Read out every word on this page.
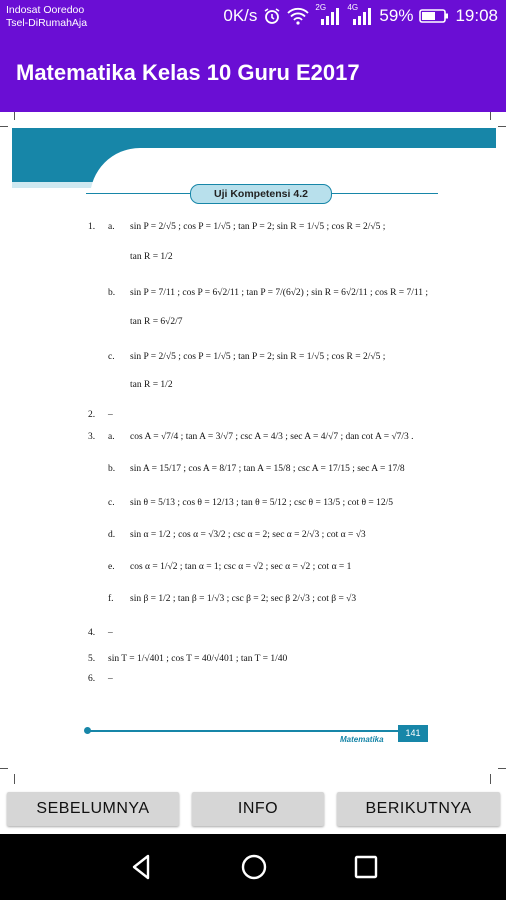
Indosat Ooredoo
Tsel-DiRumahAja	0K/s	2G	4G 59% 19:08
Matematika Kelas 10 Guru E2017
Uji Kompetensi 4.2
1. a. sin P = 2/√5 ; cos P = 1/√5 ; tan P = 2; sin R = 1/√5 ; cos R = 2/√5 ;
tan R = 1/2
b. sin P = 7/11 ; cos P = 6√2/11 ; tan P = 7/(6√2) ; sin R = 6√2/11 ; cos R = 7/11 ;
tan R = 6√2/7
c. sin P = 2/√5 ; cos P = 1/√5 ; tan P = 2; sin R = 1/√5 ; cos R = 2/√5 ;
tan R = 1/2
2. –
3. a. cos A = √7/4 ; tan A = 3/√7 ; csc A = 4/3 ; sec A = 4/√7 ; dan cot A = √7/3 .
b. sin A = 15/17 ; cos A = 8/17 ; tan A = 15/8 ; csc A = 17/15 ; sec A = 17/8
c. sin θ = 5/13 ; cos θ = 12/13 ; tan θ = 5/12 ; csc θ = 13/5 ; cot θ = 12/5
d. sin α = 1/2 ; cos α = √3/2 ; csc α = 2; sec α = 2/√3 ; cot α = √3
e. cos α = 1/√2 ; tan α = 1; csc α = √2 ; sec α = √2 ; cot α = 1
f. sin β = 1/2 ; tan β = 1/√3 ; csc β = 2; sec β 2/√3 ; cot β = √3
4. –
5. sin T = 1/√401 ; cos T = 40/√401 ; tan T = 1/40
6. –
Matematika
141
SEBELUMNYA	INFO	BERIKUTNYA
